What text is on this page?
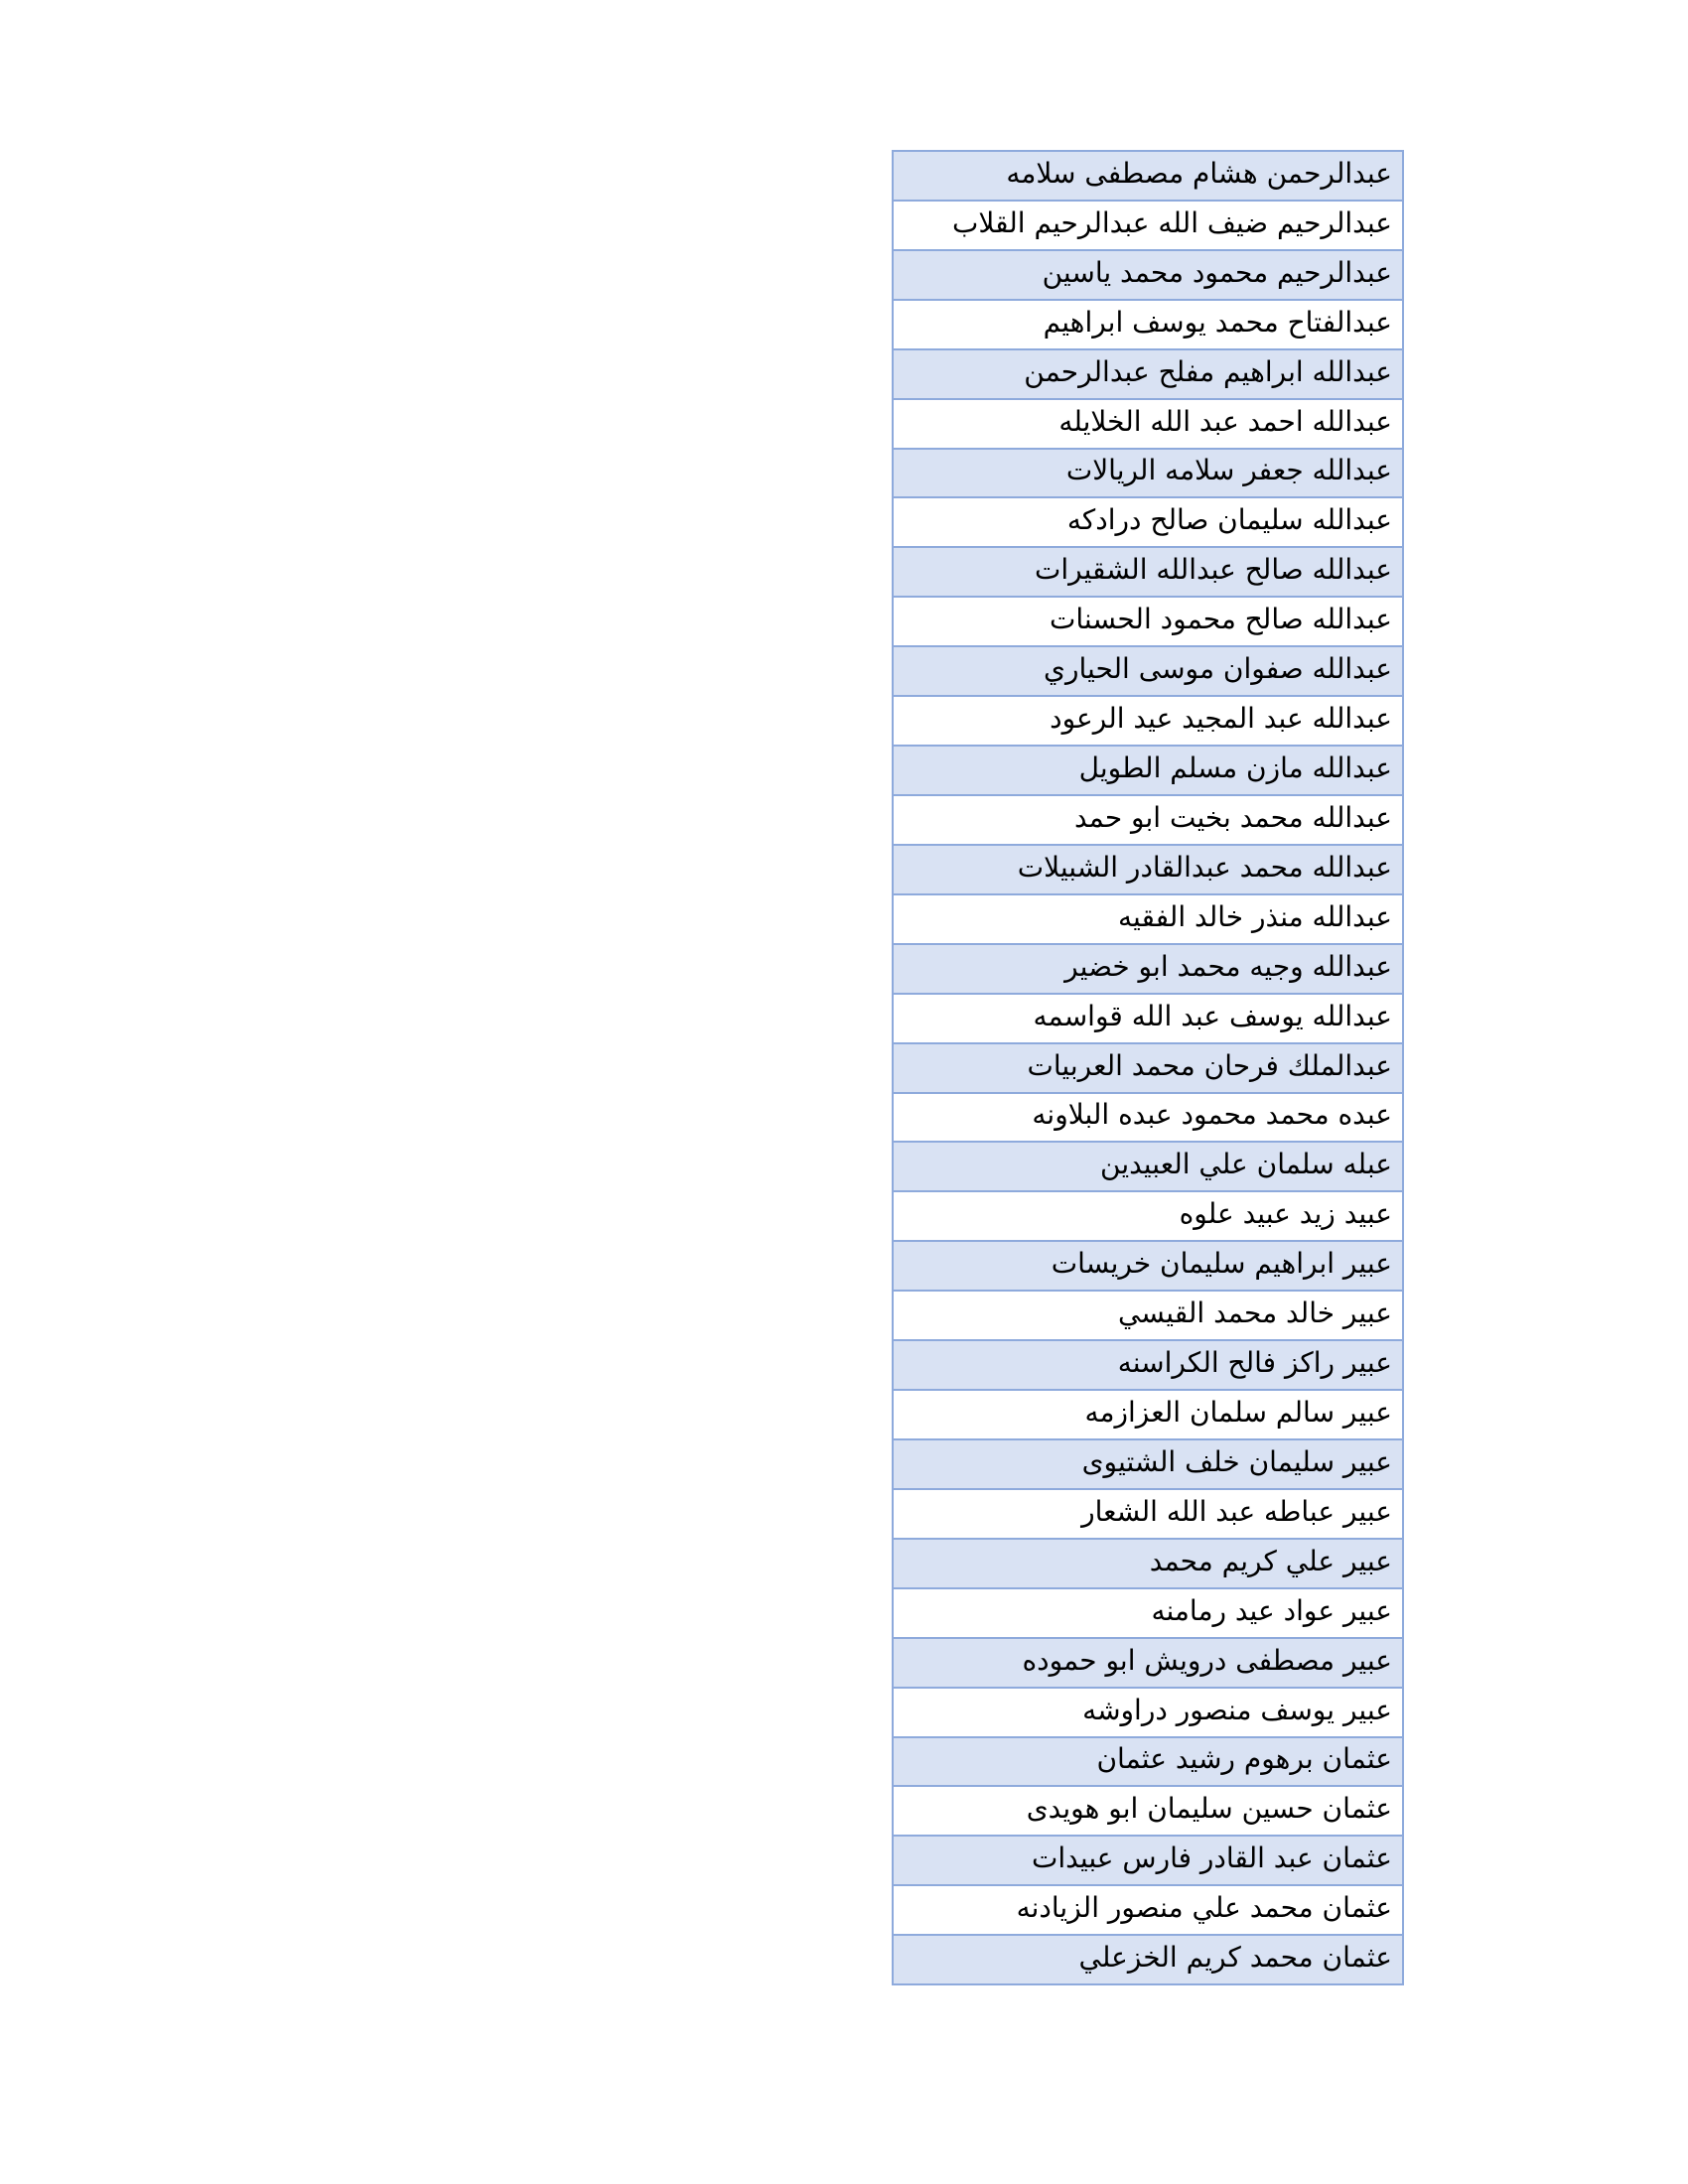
عبدالرحمن هشام مصطفى سلامه
عبدالرحيم ضيف الله عبدالرحيم القلاب
عبدالرحيم محمود محمد ياسين
عبدالفتاح محمد يوسف ابراهيم
عبدالله ابراهيم مفلح عبدالرحمن
عبدالله احمد عبد الله الخلايله
عبدالله جعفر سلامه الريالات
عبدالله سليمان صالح درادكه
عبدالله صالح عبدالله الشقيرات
عبدالله صالح محمود الحسنات
عبدالله صفوان موسى الحياري
عبدالله عبد المجيد عيد الرعود
عبدالله مازن مسلم الطويل
عبدالله محمد بخيت ابو حمد
عبدالله محمد عبدالقادر الشبيلات
عبدالله منذر خالد الفقيه
عبدالله وجيه محمد ابو خضير
عبدالله يوسف عبد الله قواسمه
عبدالملك فرحان محمد العربيات
عبده محمد محمود عبده البلاونه
عبله سلمان علي العبيدين
عبيد زيد عبيد علوه
عبير ابراهيم سليمان خريسات
عبير خالد محمد القيسي
عبير راكز فالح الكراسنه
عبير سالم سلمان العزازمه
عبير سليمان خلف الشتيوى
عبير عباطه عبد الله الشعار
عبير علي كريم محمد
عبير عواد عيد رمامنه
عبير مصطفى درويش ابو حموده
عبير يوسف منصور دراوشه
عثمان برهوم رشيد عثمان
عثمان حسين سليمان ابو هويدى
عثمان عبد القادر فارس عبيدات
عثمان محمد علي منصور الزيادنه
عثمان محمد كريم الخزعلي
